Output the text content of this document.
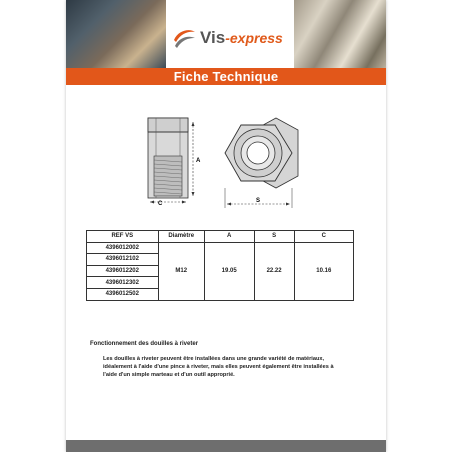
Vis-express
Fiche Technique
A
C	S
REF VS	Diamètre	A	S	C
4396012002	M12	19.05	22.22	10.16
4396012102				
4396012202				
4396012302				
4396012502				
Fonctionnement des douilles à riveter
Les douilles à riveter peuvent être installées dans une grande variété de matériaux, idéalement à l'aide d'une pince à riveter, mais elles peuvent également être installées à l'aide d'un simple marteau et d'un outil approprié.
